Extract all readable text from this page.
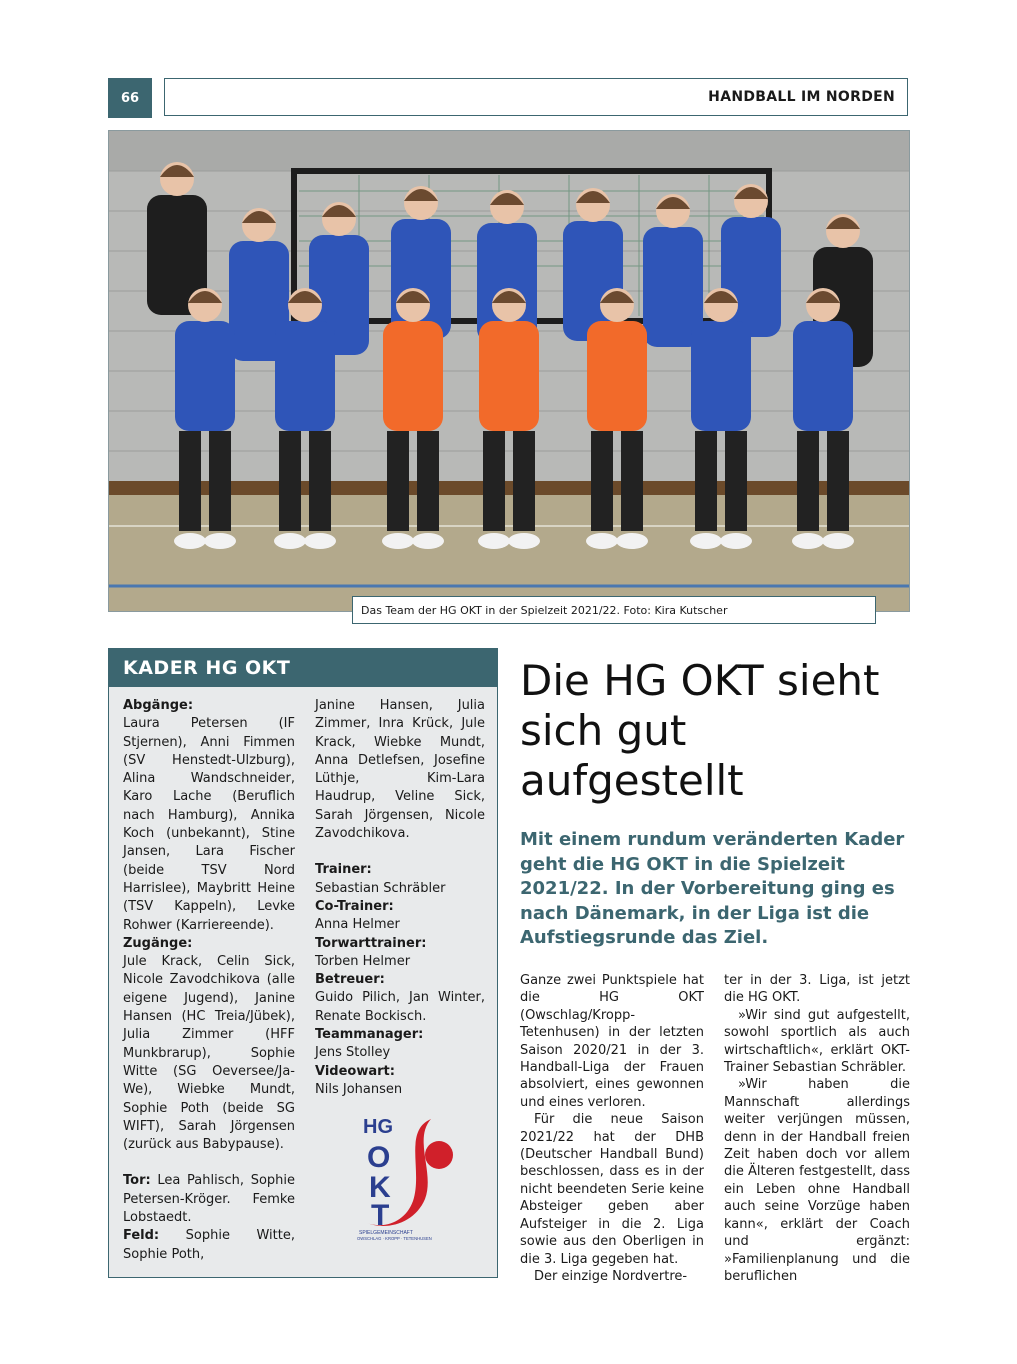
66	HANDBALL IM NORDEN
Das Team der HG OKT in der Spielzeit 2021/22. Foto: Kira Kutscher
KADER HG OKT
Abgänge:
Laura Petersen (IF Stjernen), Anni Fimmen (SV Henstedt-Ulzburg), Alina Wandschneider, Karo Lache (Beruflich nach Hamburg), Annika Koch (unbekannt), Stine Jansen, Lara Fischer (beide TSV Nord Harrislee), Maybritt Heine (TSV Kappeln), Levke Rohwer (Karriereende).
Zugänge:
Jule Krack, Celin Sick, Nicole Zavodchikova (alle eigene Jugend), Janine Hansen (HC Treia/Jübek), Julia Zimmer (HFF Munkbrarup), Sophie Witte (SG Oeversee/Ja-We), Wiebke Mundt, Sophie Poth (beide SG WIFT), Sarah Jörgensen (zurück aus Babypause).
Tor: Lea Pahlisch, Sophie Petersen-Kröger. Femke Lobstaedt.
Feld: Sophie Witte, Sophie Poth,
Janine Hansen, Julia Zimmer, Inra Krück, Jule Krack, Wiebke Mundt, Anna Detlefsen, Josefine Lüthje, Kim-Lara Haudrup, Veline Sick, Sarah Jörgensen, Nicole Zavodchikova.
Trainer:
Sebastian Schräbler
Co-Trainer:
Anna Helmer
Torwarttrainer:
Torben Helmer
Betreuer:
Guido Pilich, Jan Winter, Renate Bockisch.
Teammanager:
Jens Stolley
Videowart:
Nils Johansen
HG
O
K
T
SPIELGEMEINSCHAFT
OWSCHLAG · KROPP · TETENHUSEN
Die HG OKT sieht sich gut aufgestellt
Mit einem rundum veränderten Kader geht die HG OKT in die Spielzeit 2021/22. In der Vorbereitung ging es nach Dänemark, in der Liga ist die Aufstiegsrunde das Ziel.

Ganze zwei Punktspiele hat die HG OKT (Owschlag/Kropp-Tetenhusen) in der letzten Saison 2020/21 in der 3. Handball-Liga der Frauen absolviert, eines gewonnen und eines verloren.

Für die neue Saison 2021/22 hat der DHB (Deutscher Handball Bund) beschlossen, dass es in der nicht beendeten Serie keine Absteiger geben aber Aufsteiger in die 2. Liga sowie aus den Oberligen in die 3. Liga gegeben hat.

Der einzige Nordvertre-

ter in der 3. Liga, ist jetzt die HG OKT.

»Wir sind gut aufgestellt, sowohl sportlich als auch wirtschaftlich«, erklärt OKT-Trainer Sebastian Schräbler.

»Wir haben die Mannschaft allerdings weiter verjüngen müssen, denn in der Handball freien Zeit haben doch vor allem die Älteren festgestellt, dass ein Leben ohne Handball auch seine Vorzüge haben kann«, erklärt der Coach und ergänzt: »Familienplanung und die beruflichen
